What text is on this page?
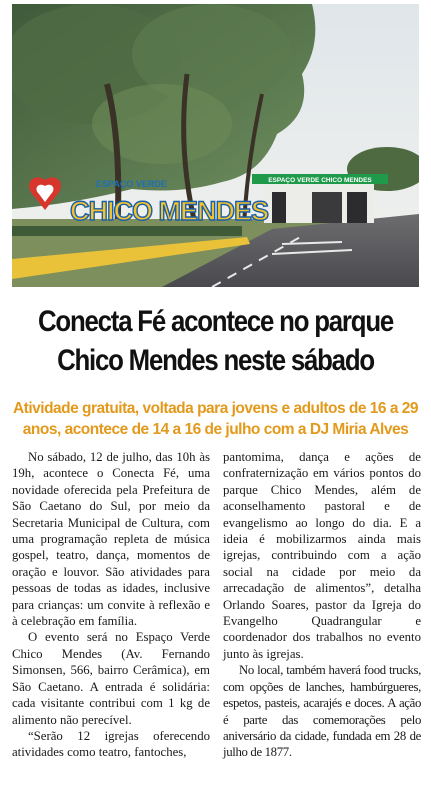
ESPAÇO VERDE CHICO MENDES
ESPAÇO VERDE
CHICO MENDES
Conecta Fé acontece no parque Chico Mendes neste sábado
Atividade gratuita, voltada para jovens e adultos de 16 a 29 anos, acontece de 14 a 16 de julho com a DJ Miria Alves

No sábado, 12 de julho, das 10h às 19h, acontece o Conecta Fé, uma novidade oferecida pela Prefeitura de São Caetano do Sul, por meio da Secretaria Municipal de Cultura, com uma programação repleta de música gospel, teatro, dança, momentos de oração e louvor. São atividades para pessoas de todas as idades, inclusive para crianças: um convite à reflexão e à celebração em família.

O evento será no Espaço Verde Chico Mendes (Av. Fernando Simonsen, 566, bairro Cerâmica), em São Caetano. A entrada é solidária: cada visitante contribui com 1 kg de alimento não perecível.

“Serão 12 igrejas oferecendo atividades como teatro, fantoches,

pantomima, dança e ações de confraternização em vários pontos do parque Chico Mendes, além de aconselhamento pastoral e de evangelismo ao longo do dia. E a ideia é mobilizarmos ainda mais igrejas, contribuindo com a ação social na cidade por meio da arrecadação de alimentos”, detalha Orlando Soares, pastor da Igreja do Evangelho Quadrangular e coordenador dos trabalhos no evento junto às igrejas.

No local, também haverá food trucks, com opções de lanches, hambúrgueres, espetos, pasteis, acarajés e doces. A ação é parte das comemorações pelo aniversário da cidade, fundada em 28 de julho de 1877.
